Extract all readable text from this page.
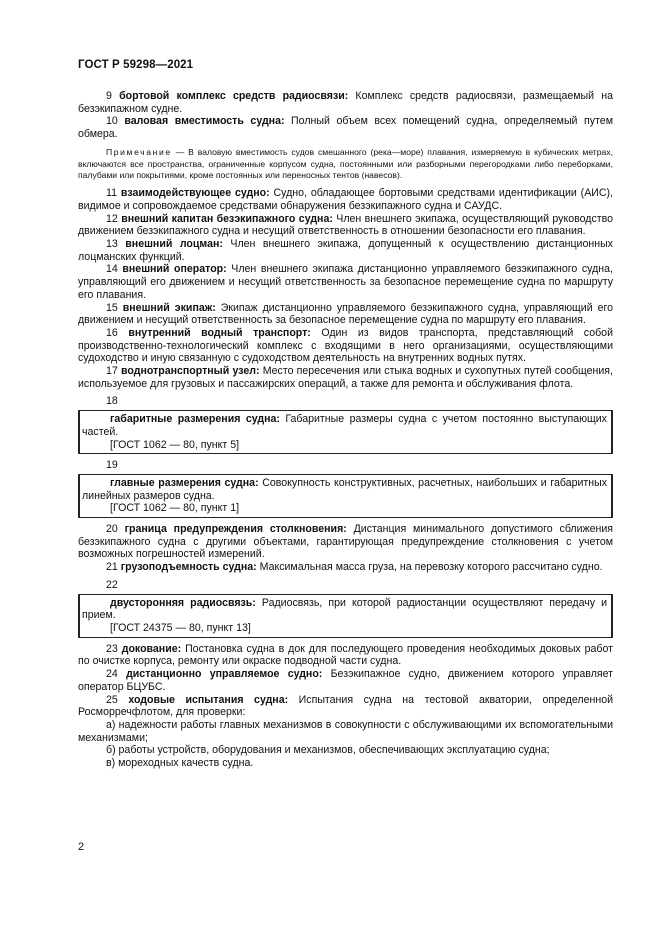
ГОСТ Р 59298—2021

9 бортовой комплекс средств радиосвязи: Комплекс средств радиосвязи, размещаемый на безэкипажном судне.

10 валовая вместимость судна: Полный объем всех помещений судна, определяемый путем обмера.

Примечание — В валовую вместимость судов смешанного (река—море) плавания, измеряемую в кубических метрах, включаются все пространства, ограниченные корпусом судна, постоянными или разборными перегородками либо переборками, палубами или покрытиями, кроме постоянных или переносных тентов (навесов).

11 взаимодействующее судно: Судно, обладающее бортовыми средствами идентификации (АИС), видимое и сопровождаемое средствами обнаружения безэкипажного судна и САУДС.

12 внешний капитан безэкипажного судна: Член внешнего экипажа, осуществляющий руководство движением безэкипажного судна и несущий ответственность в отношении безопасности его плавания.

13 внешний лоцман: Член внешнего экипажа, допущенный к осуществлению дистанционных лоцманских функций.

14 внешний оператор: Член внешнего экипажа дистанционно управляемого безэкипажного судна, управляющий его движением и несущий ответственность за безопасное перемещение судна по маршруту его плавания.

15 внешний экипаж: Экипаж дистанционно управляемого безэкипажного судна, управляющий его движением и несущий ответственность за безопасное перемещение судна по маршруту его плавания.

16 внутренний водный транспорт: Один из видов транспорта, представляющий собой производственно-технологический комплекс с входящими в него организациями, осуществляющими судоходство и иную связанную с судоходством деятельность на внутренних водных путях.

17 воднотранспортный узел: Место пересечения или стыка водных и сухопутных путей сообщения, используемое для грузовых и пассажирских операций, а также для ремонта и обслуживания флота.

18

габаритные размерения судна: Габаритные размеры судна с учетом постоянно выступающих частей.

[ГОСТ 1062 — 80, пункт 5]
19

главные размерения судна: Совокупность конструктивных, расчетных, наибольших и габаритных линейных размеров судна.

[ГОСТ 1062 — 80, пункт 1]

20 граница предупреждения столкновения: Дистанция минимального допустимого сближения безэкипажного судна с другими объектами, гарантирующая предупреждение столкновения с учетом возможных погрешностей измерений.

21 грузоподъемность судна: Максимальная масса груза, на перевозку которого рассчитано судно.

22

двусторонняя радиосвязь: Радиосвязь, при которой радиостанции осуществляют передачу и прием.

[ГОСТ 24375 — 80, пункт 13]

23 докование: Постановка судна в док для последующего проведения необходимых доковых работ по очистке корпуса, ремонту или окраске подводной части судна.

24 дистанционно управляемое судно: Безэкипажное судно, движением которого управляет оператор БЦУБС.

25 ходовые испытания судна: Испытания судна на тестовой акватории, определенной Росморречфлотом, для проверки:

а) надежности работы главных механизмов в совокупности с обслуживающими их вспомогательными механизмами;

б) работы устройств, оборудования и механизмов, обеспечивающих эксплуатацию судна;

в) мореходных качеств судна.

2
